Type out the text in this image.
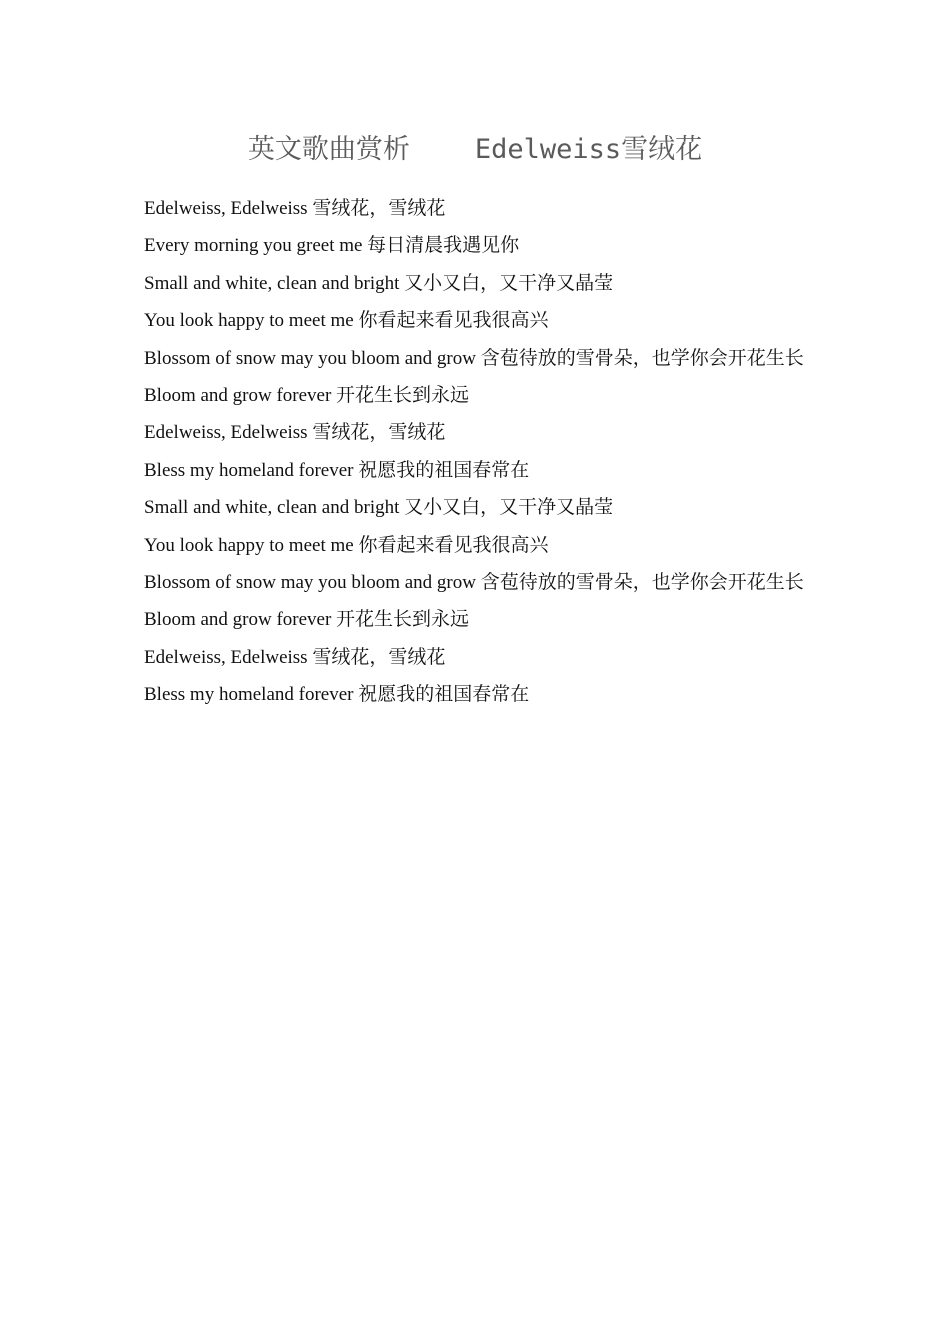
英文歌曲赏析    Edelweiss雪绒花
Edelweiss, Edelweiss 雪绒花，雪绒花
Every morning you greet me 每日清晨我遇见你
Small and white, clean and bright 又小又白，又干净又晶莹
You look happy to meet me 你看起来看见我很高兴
Blossom of snow may you bloom and grow 含苞待放的雪骨朵，也学你会开花生长
Bloom and grow forever 开花生长到永远
Edelweiss, Edelweiss 雪绒花，雪绒花
Bless my homeland forever 祝愿我的祖国春常在
Small and white, clean and bright 又小又白，又干净又晶莹
You look happy to meet me 你看起来看见我很高兴
Blossom of snow may you bloom and grow 含苞待放的雪骨朵，也学你会开花生长
Bloom and grow forever 开花生长到永远
Edelweiss, Edelweiss 雪绒花，雪绒花
Bless my homeland forever 祝愿我的祖国春常在
